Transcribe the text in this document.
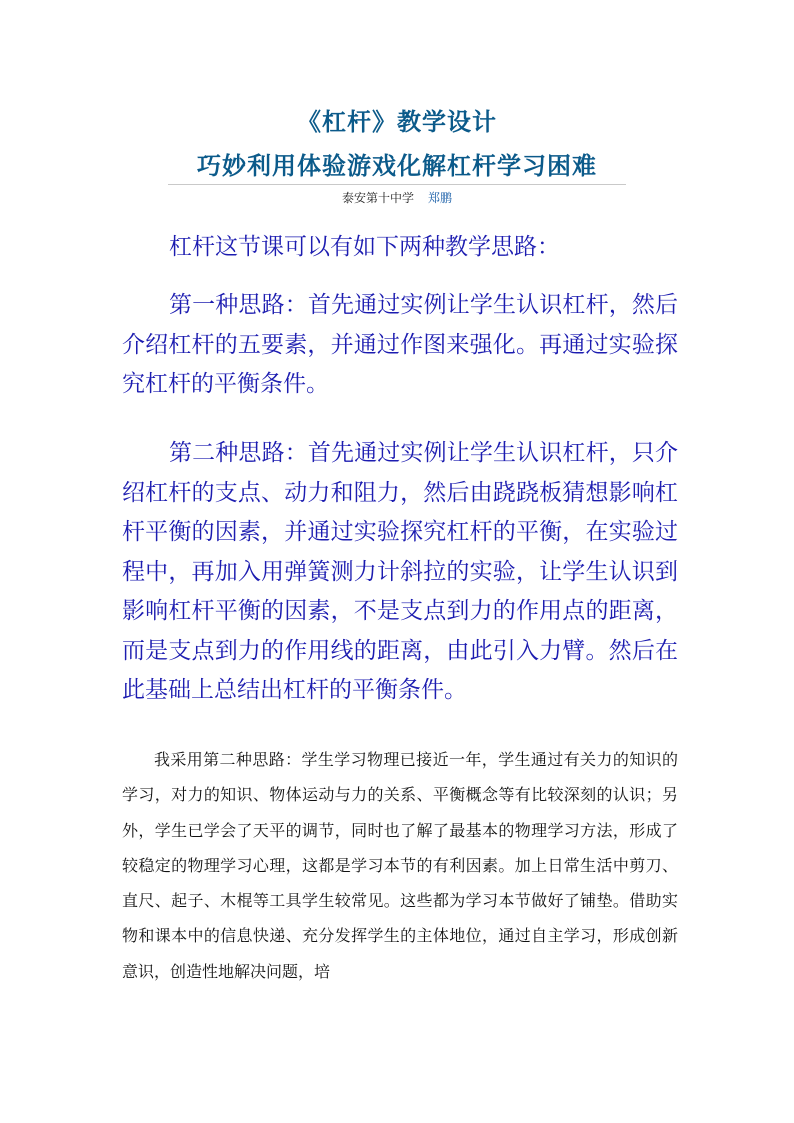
《杠杆》教学设计
巧妙利用体验游戏化解杠杆学习困难
泰安第十中学 郑鹏

杠杆这节课可以有如下两种教学思路：

第一种思路：首先通过实例让学生认识杠杆，然后介绍杠杆的五要素，并通过作图来强化。再通过实验探究杠杆的平衡条件。

第二种思路：首先通过实例让学生认识杠杆，只介绍杠杆的支点、动力和阻力，然后由跷跷板猜想影响杠杆平衡的因素，并通过实验探究杠杆的平衡，在实验过程中，再加入用弹簧测力计斜拉的实验，让学生认识到影响杠杆平衡的因素，不是支点到力的作用点的距离，而是支点到力的作用线的距离，由此引入力臂。然后在此基础上总结出杠杆的平衡条件。

我采用第二种思路：学生学习物理已接近一年，学生通过有关力的知识的学习，对力的知识、物体运动与力的关系、平衡概念等有比较深刻的认识；另外，学生已学会了天平的调节，同时也了解了最基本的物理学习方法，形成了较稳定的物理学习心理，这都是学习本节的有利因素。加上日常生活中剪刀、直尺、起子、木棍等工具学生较常见。这些都为学习本节做好了铺垫。借助实物和课本中的信息快递、充分发挥学生的主体地位，通过自主学习，形成创新意识，创造性地解决问题，培
